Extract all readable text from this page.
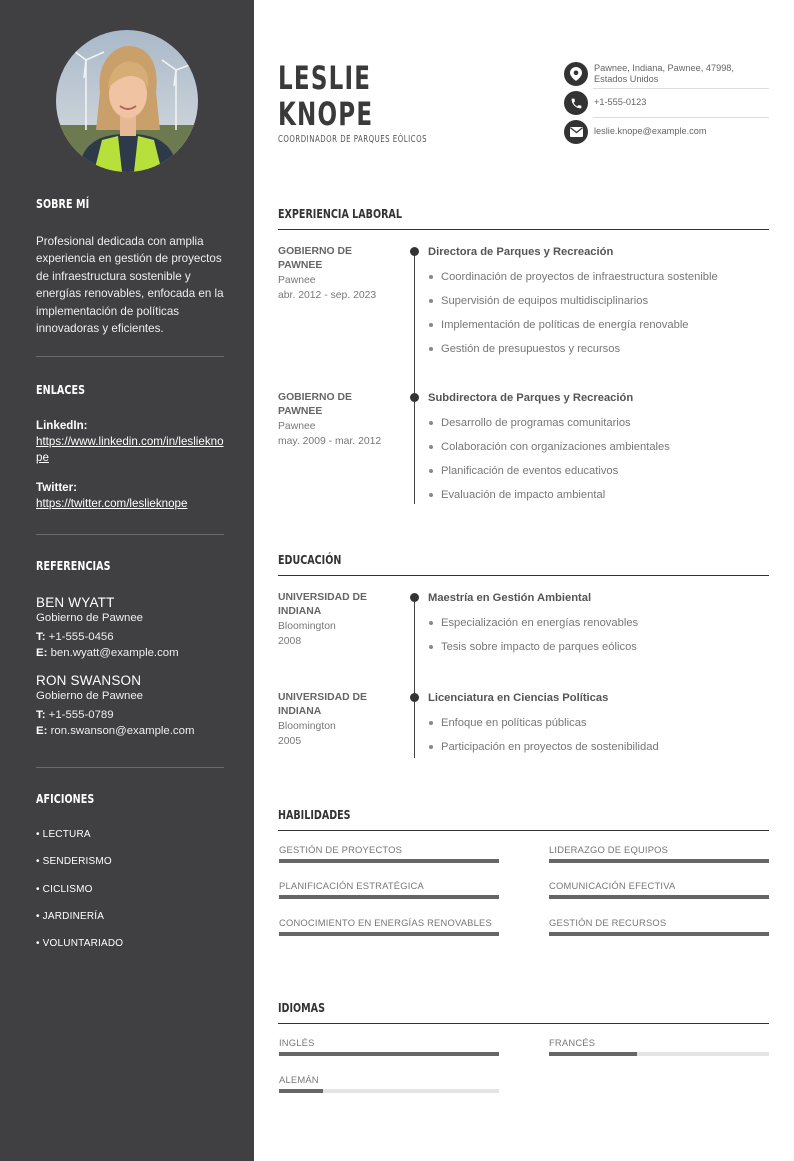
SOBRE MÍ
Profesional dedicada con amplia experiencia en gestión de proyectos de infraestructura sostenible y energías renovables, enfocada en la implementación de políticas innovadoras y eficientes.
ENLACES
LinkedIn:
https://www.linkedin.com/in/leslieknope
Twitter:
https://twitter.com/leslieknope
REFERENCIAS
BEN WYATT
Gobierno de Pawnee
T: +1-555-0456
E: ben.wyatt@example.com
RON SWANSON
Gobierno de Pawnee
T: +1-555-0789
E: ron.swanson@example.com
AFICIONES
• LECTURA
• SENDERISMO
• CICLISMO
• JARDINERÍA
• VOLUNTARIADO
LESLIE
KNOPE
COORDINADOR DE PARQUES EÓLICOS
Pawnee, Indiana, Pawnee, 47998, Estados Unidos
+1-555-0123
leslie.knope@example.com
EXPERIENCIA LABORAL
GOBIERNO DE PAWNEE
Pawnee
abr. 2012 - sep. 2023
Directora de Parques y Recreación
Coordinación de proyectos de infraestructura sostenible
Supervisión de equipos multidisciplinarios
Implementación de políticas de energía renovable
Gestión de presupuestos y recursos
GOBIERNO DE PAWNEE
Pawnee
may. 2009 - mar. 2012
Subdirectora de Parques y Recreación
Desarrollo de programas comunitarios
Colaboración con organizaciones ambientales
Planificación de eventos educativos
Evaluación de impacto ambiental
EDUCACIÓN
UNIVERSIDAD DE INDIANA
Bloomington
2008
Maestría en Gestión Ambiental
Especialización en energías renovables
Tesis sobre impacto de parques eólicos
UNIVERSIDAD DE INDIANA
Bloomington
2005
Licenciatura en Ciencias Políticas
Enfoque en políticas públicas
Participación en proyectos de sostenibilidad
HABILIDADES
GESTIÓN DE PROYECTOS	LIDERAZGO DE EQUIPOS
PLANIFICACIÓN ESTRATÉGICA	COMUNICACIÓN EFECTIVA
CONOCIMIENTO EN ENERGÍAS RENOVABLES	GESTIÓN DE RECURSOS
IDIOMAS
INGLÉS	FRANCÉS
ALEMÁN
